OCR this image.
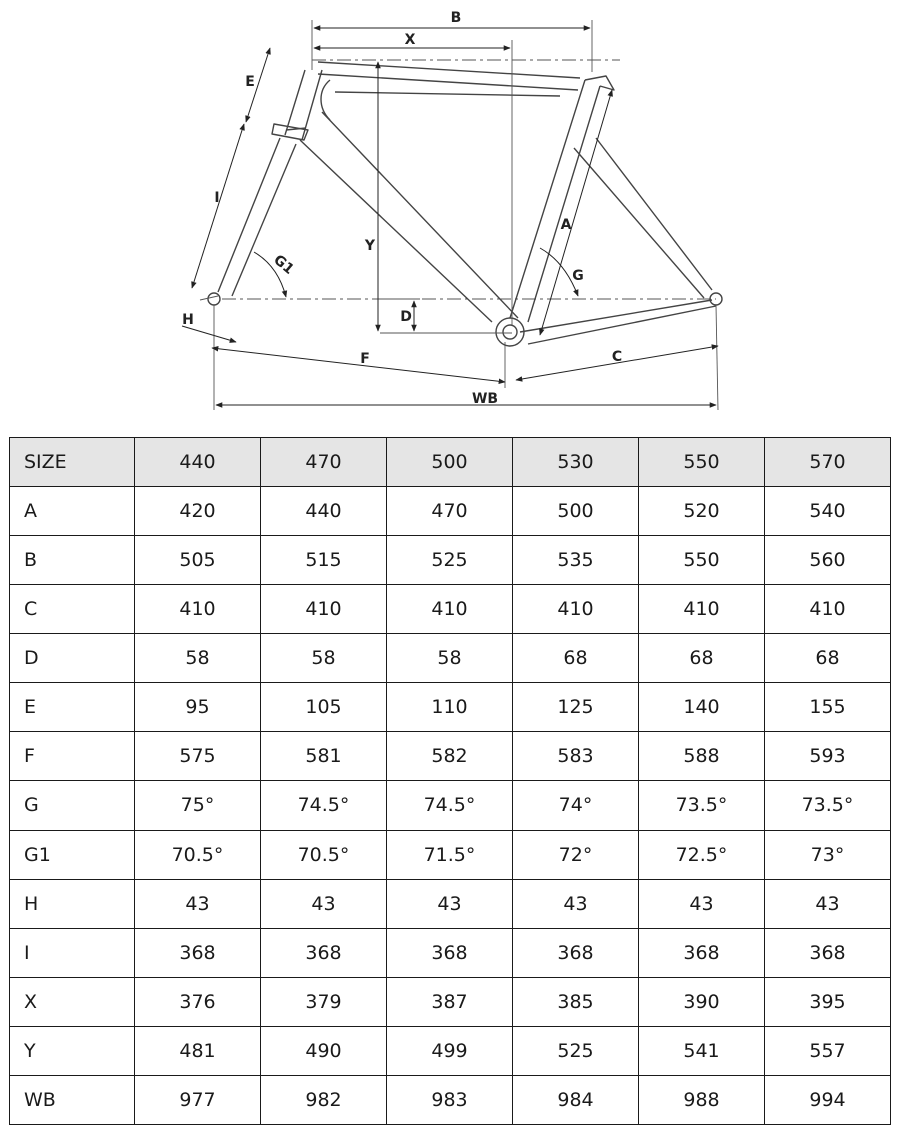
B
X
E
I
Y
A
G
G1
D
H
F	C
WB
SIZE	440	470	500	530	550	570
A	420	440	470	500	520	540
B	505	515	525	535	550	560
C	410	410	410	410	410	410
D	58	58	58	68	68	68
E	95	105	110	125	140	155
F	575	581	582	583	588	593
G	75°	74.5°	74.5°	74°	73.5°	73.5°
G1	70.5°	70.5°	71.5°	72°	72.5°	73°
H	43	43	43	43	43	43
I	368	368	368	368	368	368
X	376	379	387	385	390	395
Y	481	490	499	525	541	557
WB	977	982	983	984	988	994
